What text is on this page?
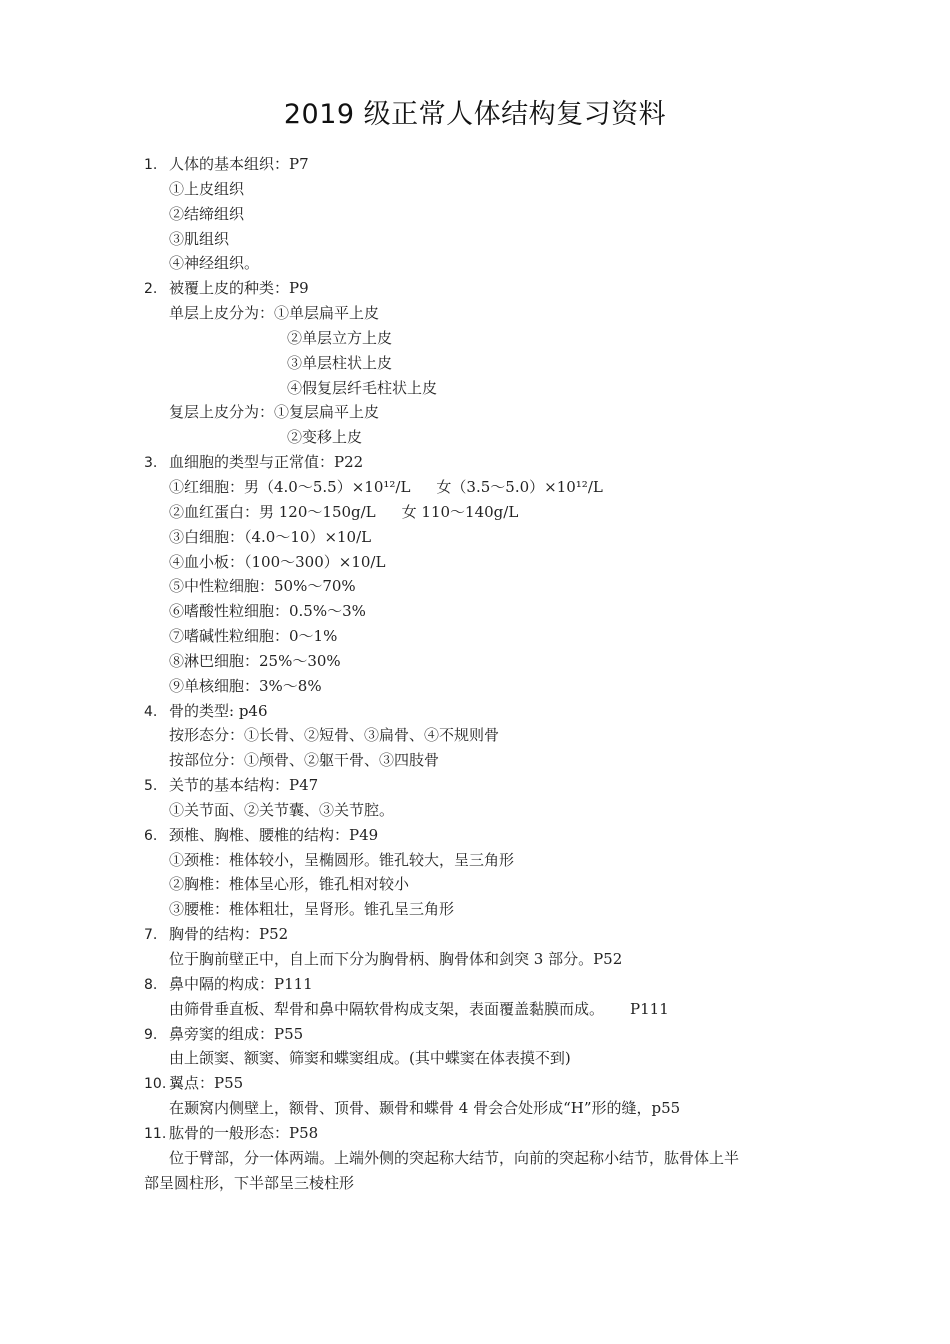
2019 级正常人体结构复习资料
1. 人体的基本组织：P7
①上皮组织
②结缔组织
③肌组织
④神经组织。
2. 被覆上皮的种类：P9
单层上皮分为：①单层扁平上皮
②单层立方上皮
③单层柱状上皮
④假复层纤毛柱状上皮
复层上皮分为：①复层扁平上皮
②变移上皮
3. 血细胞的类型与正常值：P22
①红细胞：男（4.0～5.5）×10¹²/L 女（3.5～5.0）×10¹²/L
②血红蛋白：男 120～150g/L 女 110～140g/L
③白细胞：（4.0～10）×10/L
④血小板：（100～300）×10/L
⑤中性粒细胞：50%～70%
⑥嗜酸性粒细胞：0.5%～3%
⑦嗜碱性粒细胞：0～1%
⑧淋巴细胞：25%～30%
⑨单核细胞：3%～8%
4. 骨的类型: p46
按形态分：①长骨、②短骨、③扁骨、④不规则骨
按部位分：①颅骨、②躯干骨、③四肢骨
5. 关节的基本结构：P47
①关节面、②关节囊、③关节腔。
6. 颈椎、胸椎、腰椎的结构：P49
①颈椎：椎体较小，呈椭圆形。锥孔较大，呈三角形
②胸椎：椎体呈心形，锥孔相对较小
③腰椎：椎体粗壮，呈肾形。锥孔呈三角形
7. 胸骨的结构：P52
位于胸前壁正中，自上而下分为胸骨柄、胸骨体和剑突 3 部分。P52
8. 鼻中隔的构成：P111
由筛骨垂直板、犁骨和鼻中隔软骨构成支架，表面覆盖黏膜而成。 P111
9. 鼻旁窦的组成：P55
由上颌窦、额窦、筛窦和蝶窦组成。(其中蝶窦在体表摸不到)
10. 翼点：P55
在颞窝内侧壁上，额骨、顶骨、颞骨和蝶骨 4 骨会合处形成“H”形的缝，p55
11. 肱骨的一般形态：P58
位于臂部，分一体两端。上端外侧的突起称大结节，向前的突起称小结节，肱骨体上半
部呈圆柱形，下半部呈三棱柱形
